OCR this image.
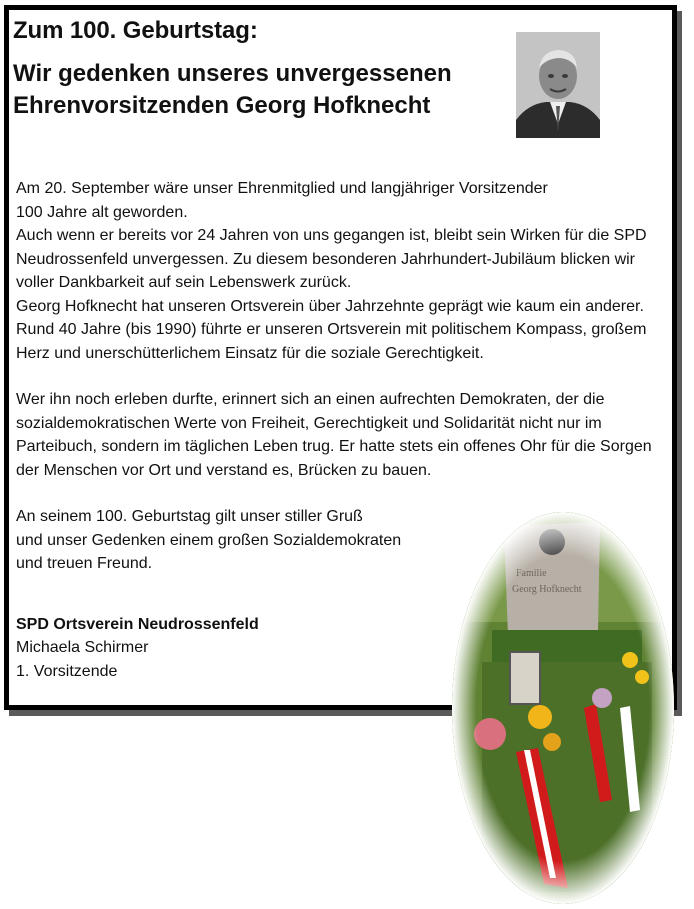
Zum 100. Geburtstag:
Wir gedenken unseres unvergessenen Ehrenvorsitzenden Georg Hofknecht

Am 20. September wäre unser Ehrenmitglied und langjähriger Vorsitzender

100 Jahre alt geworden.

Auch wenn er bereits vor 24 Jahren von uns gegangen ist, bleibt sein Wirken für die SPD Neudrossenfeld unvergessen. Zu diesem besonderen Jahrhundert-Jubiläum blicken wir voller Dankbarkeit auf sein Lebenswerk zurück.

Georg Hofknecht hat unseren Ortsverein über Jahrzehnte geprägt wie kaum ein anderer. Rund 40 Jahre (bis 1990) führte er unseren Ortsverein mit politischem Kompass, großem Herz und unerschütterlichem Einsatz für die soziale Gerechtigkeit.

Wer ihn noch erleben durfte, erinnert sich an einen aufrechten Demokraten, der die sozialdemokratischen Werte von Freiheit, Gerechtigkeit und Solidarität nicht nur im Parteibuch, sondern im täglichen Leben trug. Er hatte stets ein offenes Ohr für die Sorgen der Menschen vor Ort und verstand es, Brücken zu bauen.

An seinem 100. Geburtstag gilt unser stiller Gruß

und unser Gedenken einem großen Sozialdemokraten

und treuen Freund.

SPD Ortsverein Neudrossenfeld

Michaela Schirmer

1. Vorsitzende
